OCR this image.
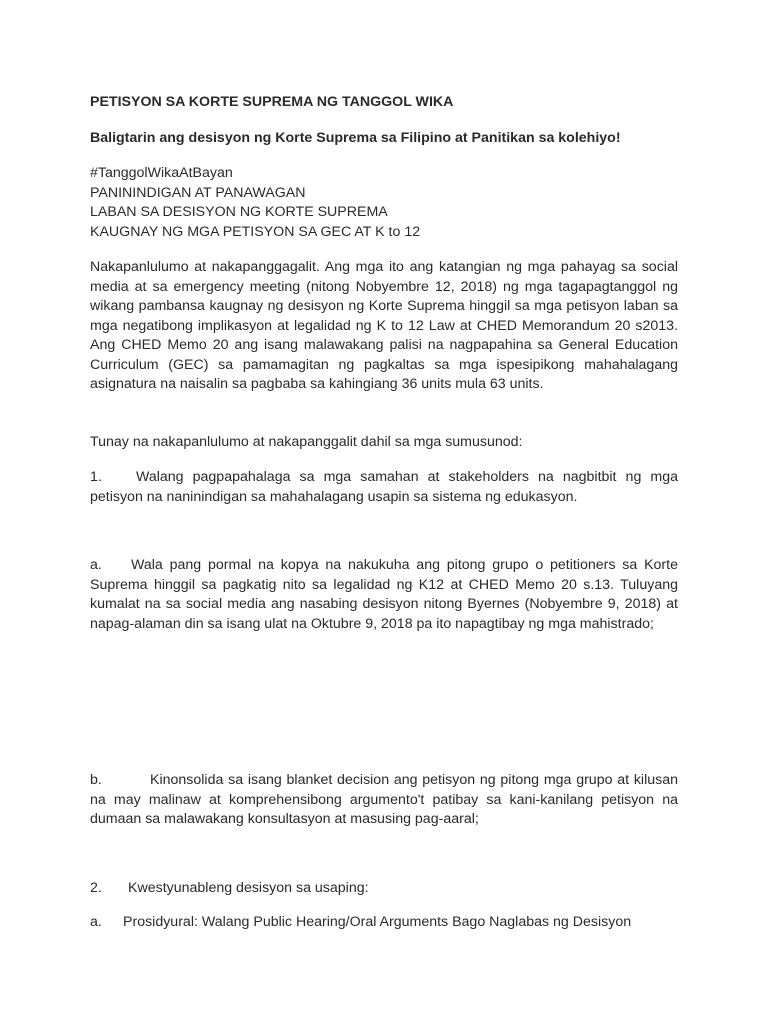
PETISYON SA KORTE SUPREMA NG TANGGOL WIKA

Baligtarin ang desisyon ng Korte Suprema sa Filipino at Panitikan sa kolehiyo!

#TanggolWikaAtBayan
PANININDIGAN AT PANAWAGAN
LABAN SA DESISYON NG KORTE SUPREMA
KAUGNAY NG MGA PETISYON SA GEC AT K to 12

Nakapanlulumo at nakapanggagalit. Ang mga ito ang katangian ng mga pahayag sa social media at sa emergency meeting (nitong Nobyembre 12, 2018) ng mga tagapagtanggol ng wikang pambansa kaugnay ng desisyon ng Korte Suprema hinggil sa mga petisyon laban sa mga negatibong implikasyon at legalidad ng K to 12 Law at CHED Memorandum 20 s2013. Ang CHED Memo 20 ang isang malawakang palisi na nagpapahina sa General Education Curriculum (GEC) sa pamamagitan ng pagkaltas sa mga ispesipikong mahahalagang asignatura na naisalin sa pagbaba sa kahingiang 36 units mula 63 units.

Tunay na nakapanlulumo at nakapanggalit dahil sa mga sumusunod:

1. Walang pagpapahalaga sa mga samahan at stakeholders na nagbitbit ng mga petisyon na naninindigan sa mahahalagang usapin sa sistema ng edukasyon.

a. Wala pang pormal na kopya na nakukuha ang pitong grupo o petitioners sa Korte Suprema hinggil sa pagkatig nito sa legalidad ng K12 at CHED Memo 20 s.13. Tuluyang kumalat na sa social media ang nasabing desisyon nitong Byernes (Nobyembre 9, 2018) at napag-alaman din sa isang ulat na Oktubre 9, 2018 pa ito napagtibay ng mga mahistrado;

b.	Kinonsolida sa isang blanket decision ang petisyon ng pitong mga grupo at kilusan na may malinaw at komprehensibong argumento't patibay sa kani-kanilang petisyon na dumaan sa malawakang konsultasyon at masusing pag-aaral;

2. Kwestyunableng desisyon sa usaping:

a. Prosidyural: Walang Public Hearing/Oral Arguments Bago Naglabas ng Desisyon
